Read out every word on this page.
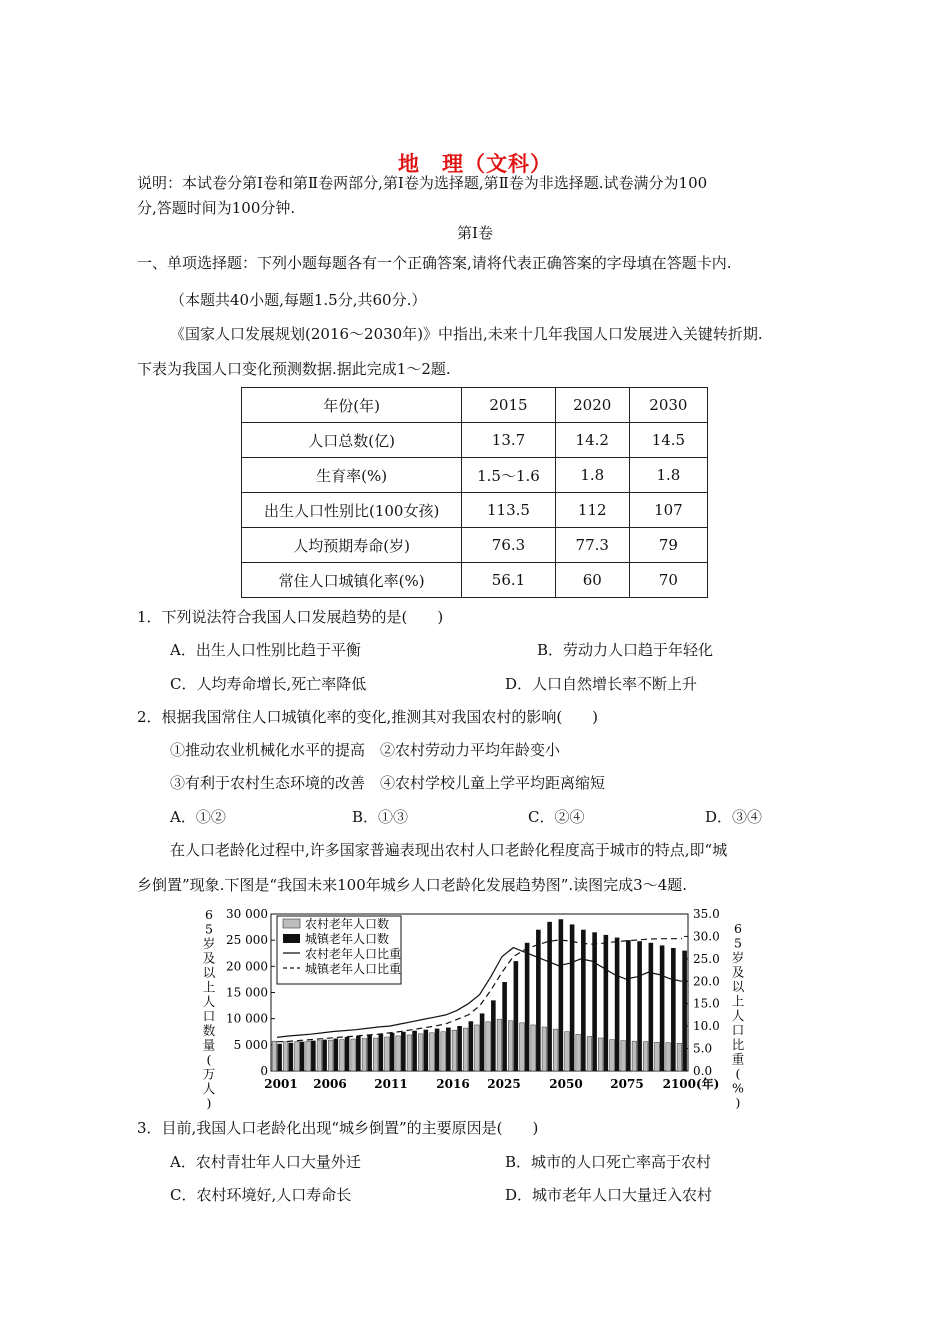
地　理（文科）
说明：本试卷分第Ⅰ卷和第Ⅱ卷两部分,第Ⅰ卷为选择题,第Ⅱ卷为非选择题.试卷满分为100
分,答题时间为100分钟.
第Ⅰ卷
一、单项选择题：下列小题每题各有一个正确答案,请将代表正确答案的字母填在答题卡内.
（本题共40小题,每题1.5分,共60分.）
《国家人口发展规划(2016～2030年)》中指出,未来十几年我国人口发展进入关键转折期.
下表为我国人口变化预测数据.据此完成1～2题.
年份(年)	2015	2020	2030
人口总数(亿)	13.7	14.2	14.5
生育率(%)	1.5～1.6	1.8	1.8
出生人口性别比(100女孩)	113.5	112	107
人均预期寿命(岁)	76.3	77.3	79
常住人口城镇化率(%)	56.1	60	70
1．下列说法符合我国人口发展趋势的是(　　)
A．出生人口性别比趋于平衡	B．劳动力人口趋于年轻化
C．人均寿命增长,死亡率降低	D．人口自然增长率不断上升
2．根据我国常住人口城镇化率的变化,推测其对我国农村的影响(　　)
①推动农业机械化水平的提高　②农村劳动力平均年龄变小
③有利于农村生态环境的改善　④农村学校儿童上学平均距离缩短
A．①②	B．①③	C．②④	D．③④
在人口老龄化过程中,许多国家普遍表现出农村人口老龄化程度高于城市的特点,即“城
乡倒置”现象.下图是“我国未来100年城乡人口老龄化发展趋势图”.读图完成3～4题.
农村老年人口数
城镇老年人口数
农村老年人口比重
城镇老年人口比重
30 000
25 000
20 000
15 000
10 000
5 000
0
35.0
30.0
25.0
20.0
15.0
10.0
5.0
0.0
6 5 岁及以上人口数量(万人)
6 5 岁及以上人口比重( % )
2001 2006 2011 2016 2025 2050 2075 2100(年)
3．目前,我国人口老龄化出现“城乡倒置”的主要原因是(　　)
A．农村青壮年人口大量外迁	B．城市的人口死亡率高于农村
C．农村环境好,人口寿命长	D．城市老年人口大量迁入农村
